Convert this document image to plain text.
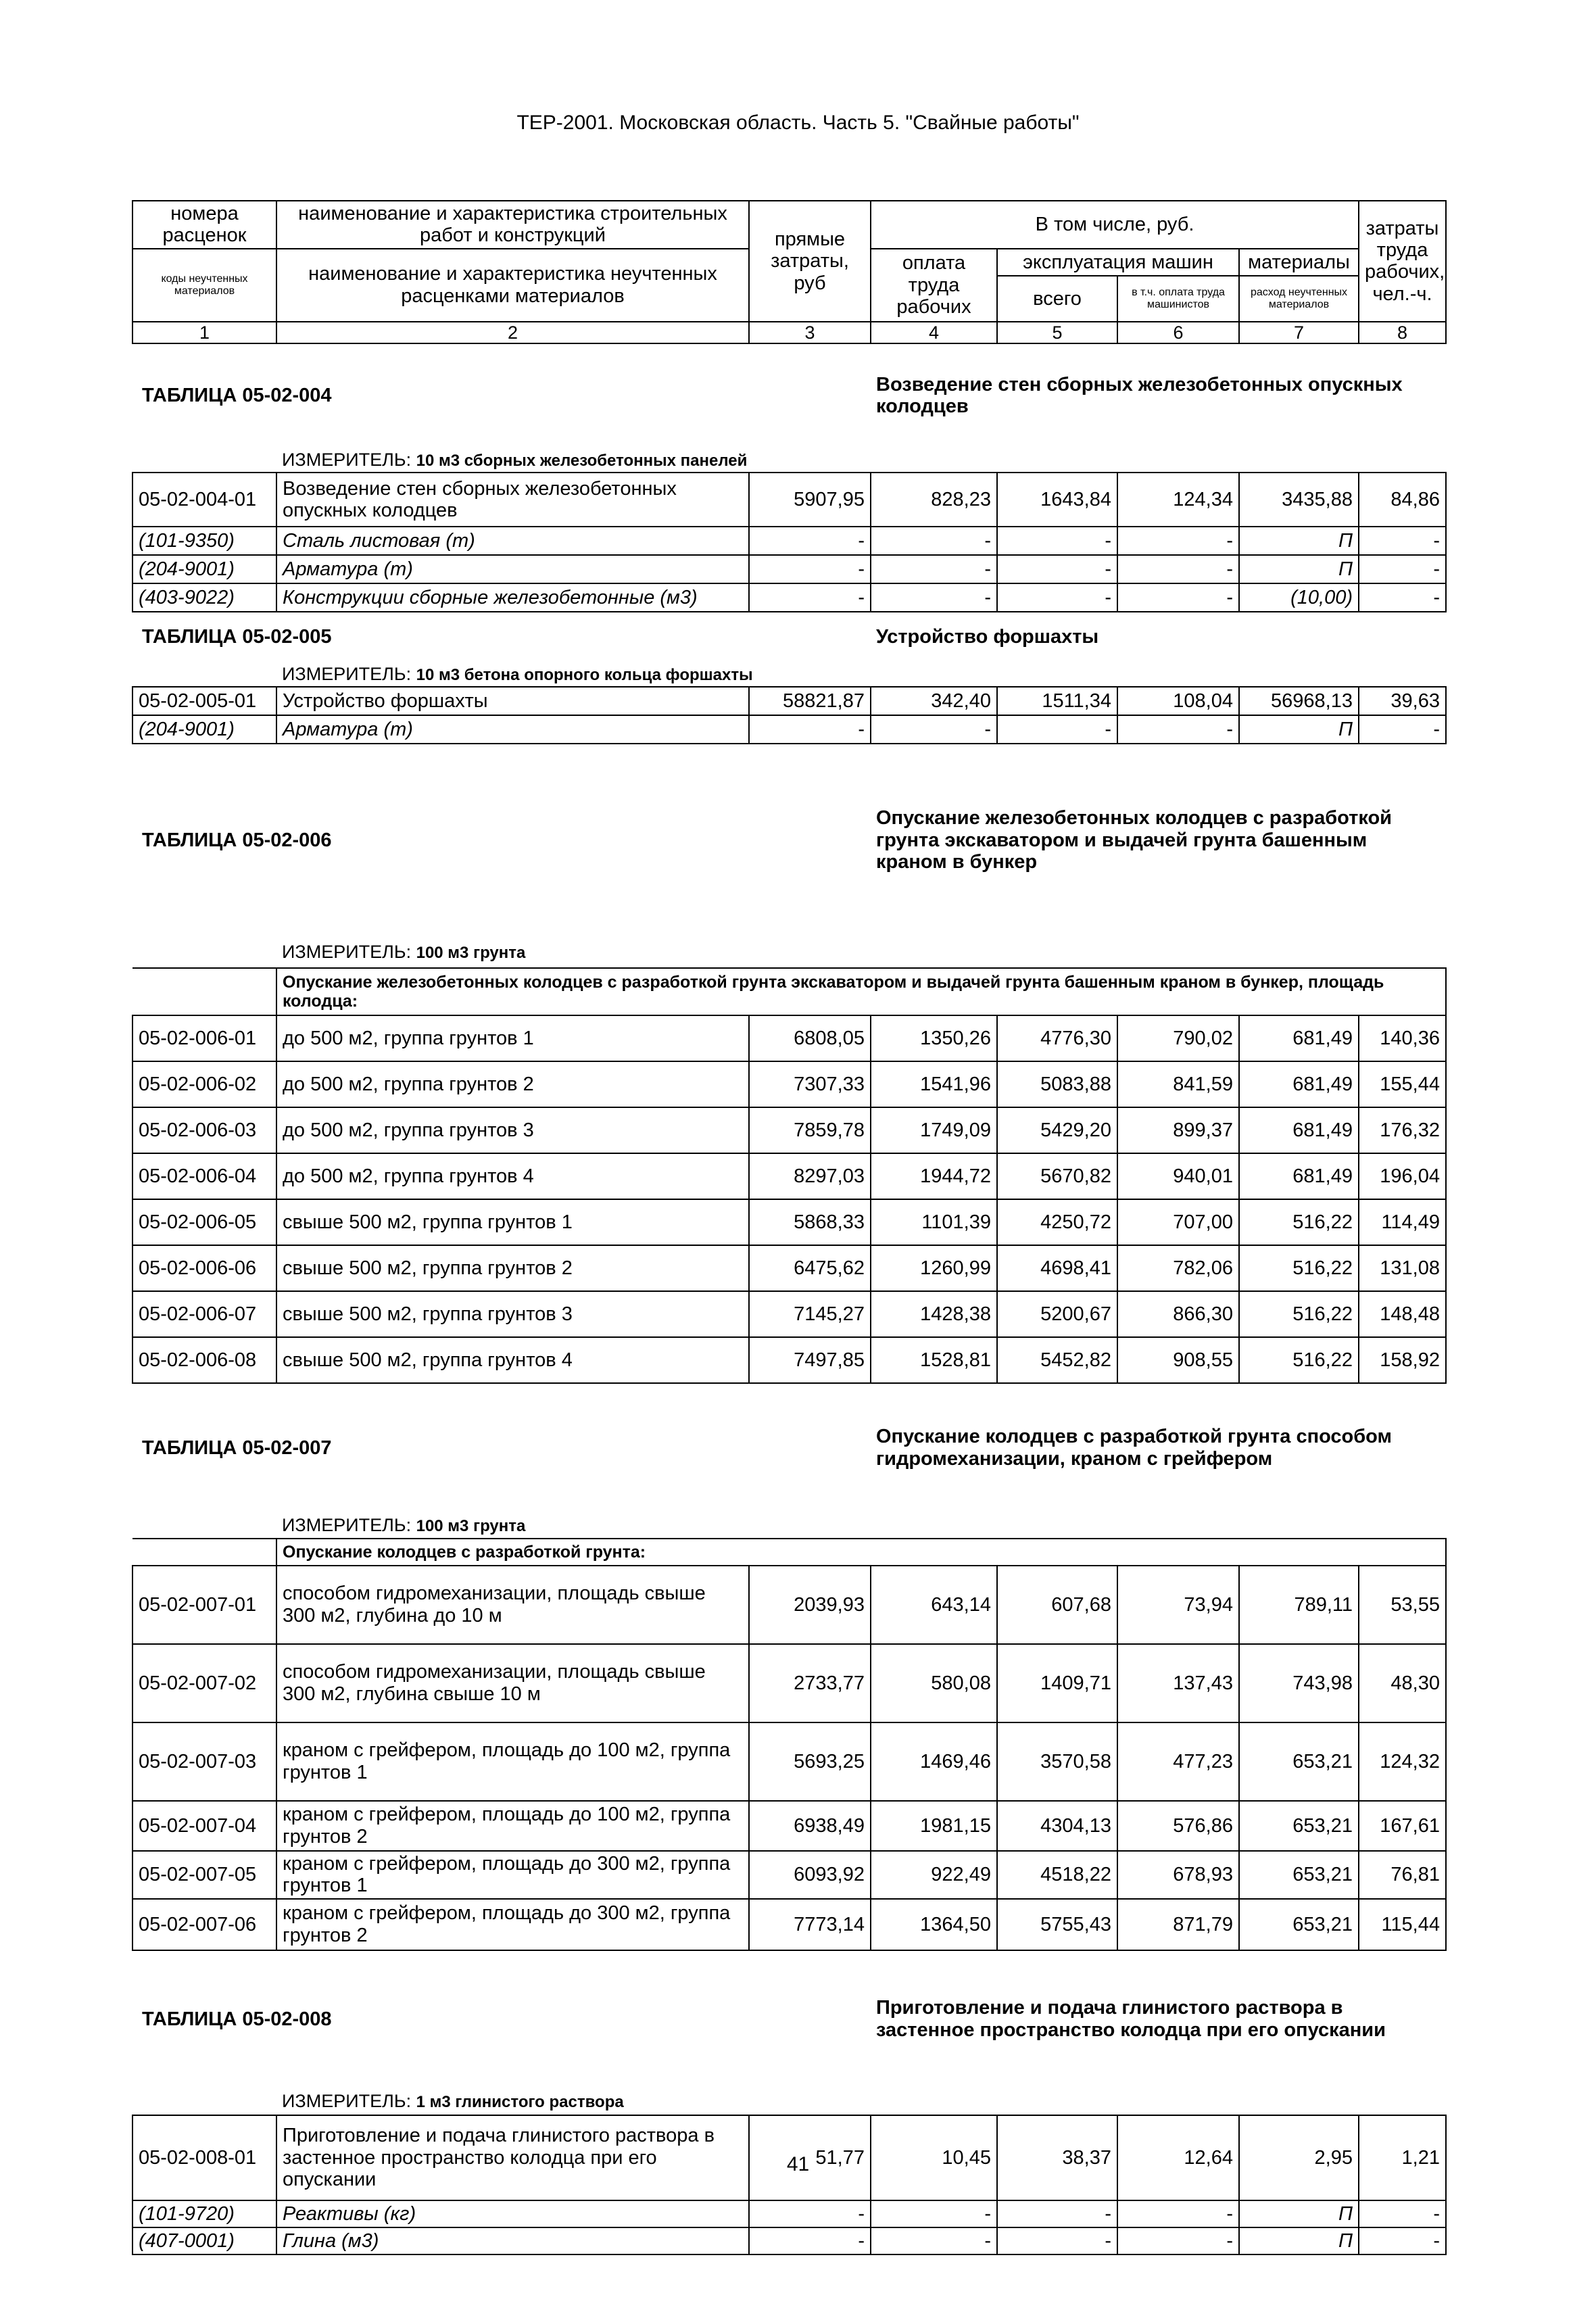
ТЕР-2001. Московская область. Часть 5. "Свайные работы"
номера расценок	наименование и характеристика строительных работ и конструкций	прямые затраты, руб	В том числе, руб.				затраты труда рабочих, чел.-ч.
коды неучтенных материалов	наименование и характеристика неучтенных расценками материалов		оплата труда рабочих	эксплуатация машин		материалы	
				всего	в т.ч. оплата труда машинистов	расход неучтенных материалов	
1	2	3	4	5	6	7	8
ТАБЛИЦА 05-02-004			Возведение стен сборных железобетонных опускных колодцев				
	ИЗМЕРИТЕЛЬ: 10 м3 сборных железобетонных панелей						
05-02-004-01	Возведение стен сборных железобетонных опускных колодцев	5907,95	828,23	1643,84	124,34	3435,88	84,86
(101-9350)	Сталь листовая (т)	-	-	-	-	П	-
(204-9001)	Арматура (т)	-	-	-	-	П	-
(403-9022)	Конструкции сборные железобетонные (м3)	-	-	-	-	(10,00)	-
ТАБЛИЦА 05-02-005			Устройство форшахты				
	ИЗМЕРИТЕЛЬ: 10 м3 бетона опорного кольца форшахты						
05-02-005-01	Устройство форшахты	58821,87	342,40	1511,34	108,04	56968,13	39,63
(204-9001)	Арматура (т)	-	-	-	-	П	-
ТАБЛИЦА 05-02-006			Опускание железобетонных колодцев с разработкой грунта экскаватором и выдачей грунта башенным краном в бункер				
	ИЗМЕРИТЕЛЬ: 100 м3 грунта						
	Опускание железобетонных колодцев с разработкой грунта экскаватором и выдачей грунта башенным краном в бункер, площадь колодца:						
05-02-006-01	до 500 м2, группа грунтов 1	6808,05	1350,26	4776,30	790,02	681,49	140,36
05-02-006-02	до 500 м2, группа грунтов 2	7307,33	1541,96	5083,88	841,59	681,49	155,44
05-02-006-03	до 500 м2, группа грунтов 3	7859,78	1749,09	5429,20	899,37	681,49	176,32
05-02-006-04	до 500 м2, группа грунтов 4	8297,03	1944,72	5670,82	940,01	681,49	196,04
05-02-006-05	свыше 500 м2, группа грунтов 1	5868,33	1101,39	4250,72	707,00	516,22	114,49
05-02-006-06	свыше 500 м2, группа грунтов 2	6475,62	1260,99	4698,41	782,06	516,22	131,08
05-02-006-07	свыше 500 м2, группа грунтов 3	7145,27	1428,38	5200,67	866,30	516,22	148,48
05-02-006-08	свыше 500 м2, группа грунтов 4	7497,85	1528,81	5452,82	908,55	516,22	158,92
ТАБЛИЦА 05-02-007			Опускание колодцев с разработкой грунта способом гидромеханизации, краном с грейфером				
	ИЗМЕРИТЕЛЬ: 100 м3 грунта						
	Опускание колодцев с разработкой грунта:						
05-02-007-01	способом гидромеханизации, площадь свыше 300 м2, глубина до 10 м	2039,93	643,14	607,68	73,94	789,11	53,55
05-02-007-02	способом гидромеханизации, площадь свыше 300 м2, глубина свыше 10 м	2733,77	580,08	1409,71	137,43	743,98	48,30
05-02-007-03	краном с грейфером, площадь до 100 м2, группа грунтов 1	5693,25	1469,46	3570,58	477,23	653,21	124,32
05-02-007-04	краном с грейфером, площадь до 100 м2, группа грунтов 2	6938,49	1981,15	4304,13	576,86	653,21	167,61
05-02-007-05	краном с грейфером, площадь до 300 м2, группа грунтов 1	6093,92	922,49	4518,22	678,93	653,21	76,81
05-02-007-06	краном с грейфером, площадь до 300 м2, группа грунтов 2	7773,14	1364,50	5755,43	871,79	653,21	115,44
ТАБЛИЦА 05-02-008			Приготовление и подача глинистого раствора в застенное пространство колодца при его опускании				
	ИЗМЕРИТЕЛЬ: 1 м3 глинистого раствора						
05-02-008-01	Приготовление и подача глинистого раствора в застенное пространство колодца при его опускании	51,77	10,45	38,37	12,64	2,95	1,21
(101-9720)	Реактивы (кг)	-	-	-	-	П	-
(407-0001)	Глина (м3)	-	-	-	-	П	-
41
